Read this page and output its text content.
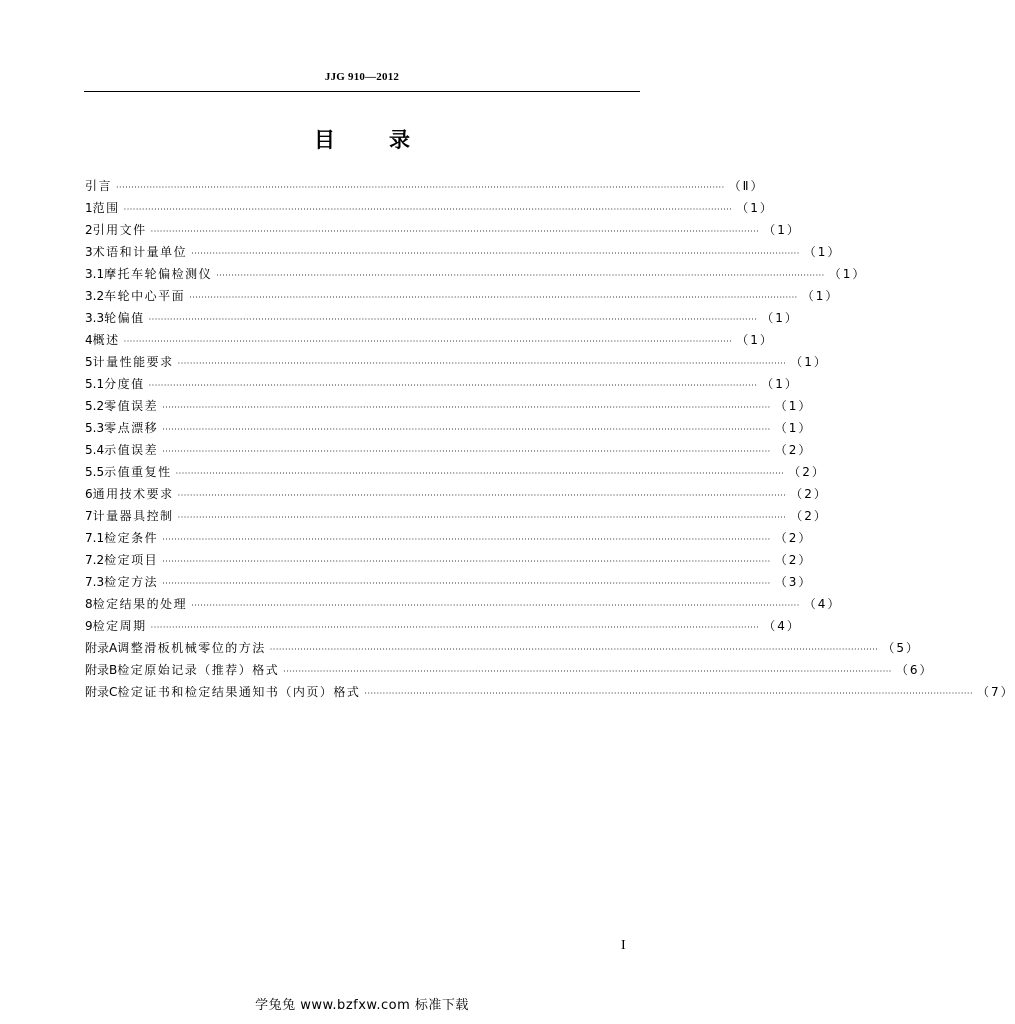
JJG 910—2012
目	录
引言 ········································································································································································································ （Ⅱ）
1 范围 ········································································································································································································ （1）
2 引用文件 ········································································································································································································ （1）
3 术语和计量单位 ········································································································································································································ （1）
3.1 摩托车轮偏检测仪 ········································································································································································································ （1）
3.2 车轮中心平面 ········································································································································································································ （1）
3.3 轮偏值 ········································································································································································································ （1）
4 概述 ········································································································································································································ （1）
5 计量性能要求 ········································································································································································································ （1）
5.1 分度值 ········································································································································································································ （1）
5.2 零值误差 ········································································································································································································ （1）
5.3 零点漂移 ········································································································································································································ （1）
5.4 示值误差 ········································································································································································································ （2）
5.5 示值重复性 ········································································································································································································ （2）
6 通用技术要求 ········································································································································································································ （2）
7 计量器具控制 ········································································································································································································ （2）
7.1 检定条件 ········································································································································································································ （2）
7.2 检定项目 ········································································································································································································ （2）
7.3 检定方法 ········································································································································································································ （3）
8 检定结果的处理 ········································································································································································································ （4）
9 检定周期 ········································································································································································································ （4）
附录A 调整滑板机械零位的方法 ········································································································································································································ （5）
附录B 检定原始记录（推荐）格式 ········································································································································································································ （6）
附录C 检定证书和检定结果通知书（内页）格式 ········································································································································································································ （7）
I
学兔兔 www.bzfxw.com 标准下载
